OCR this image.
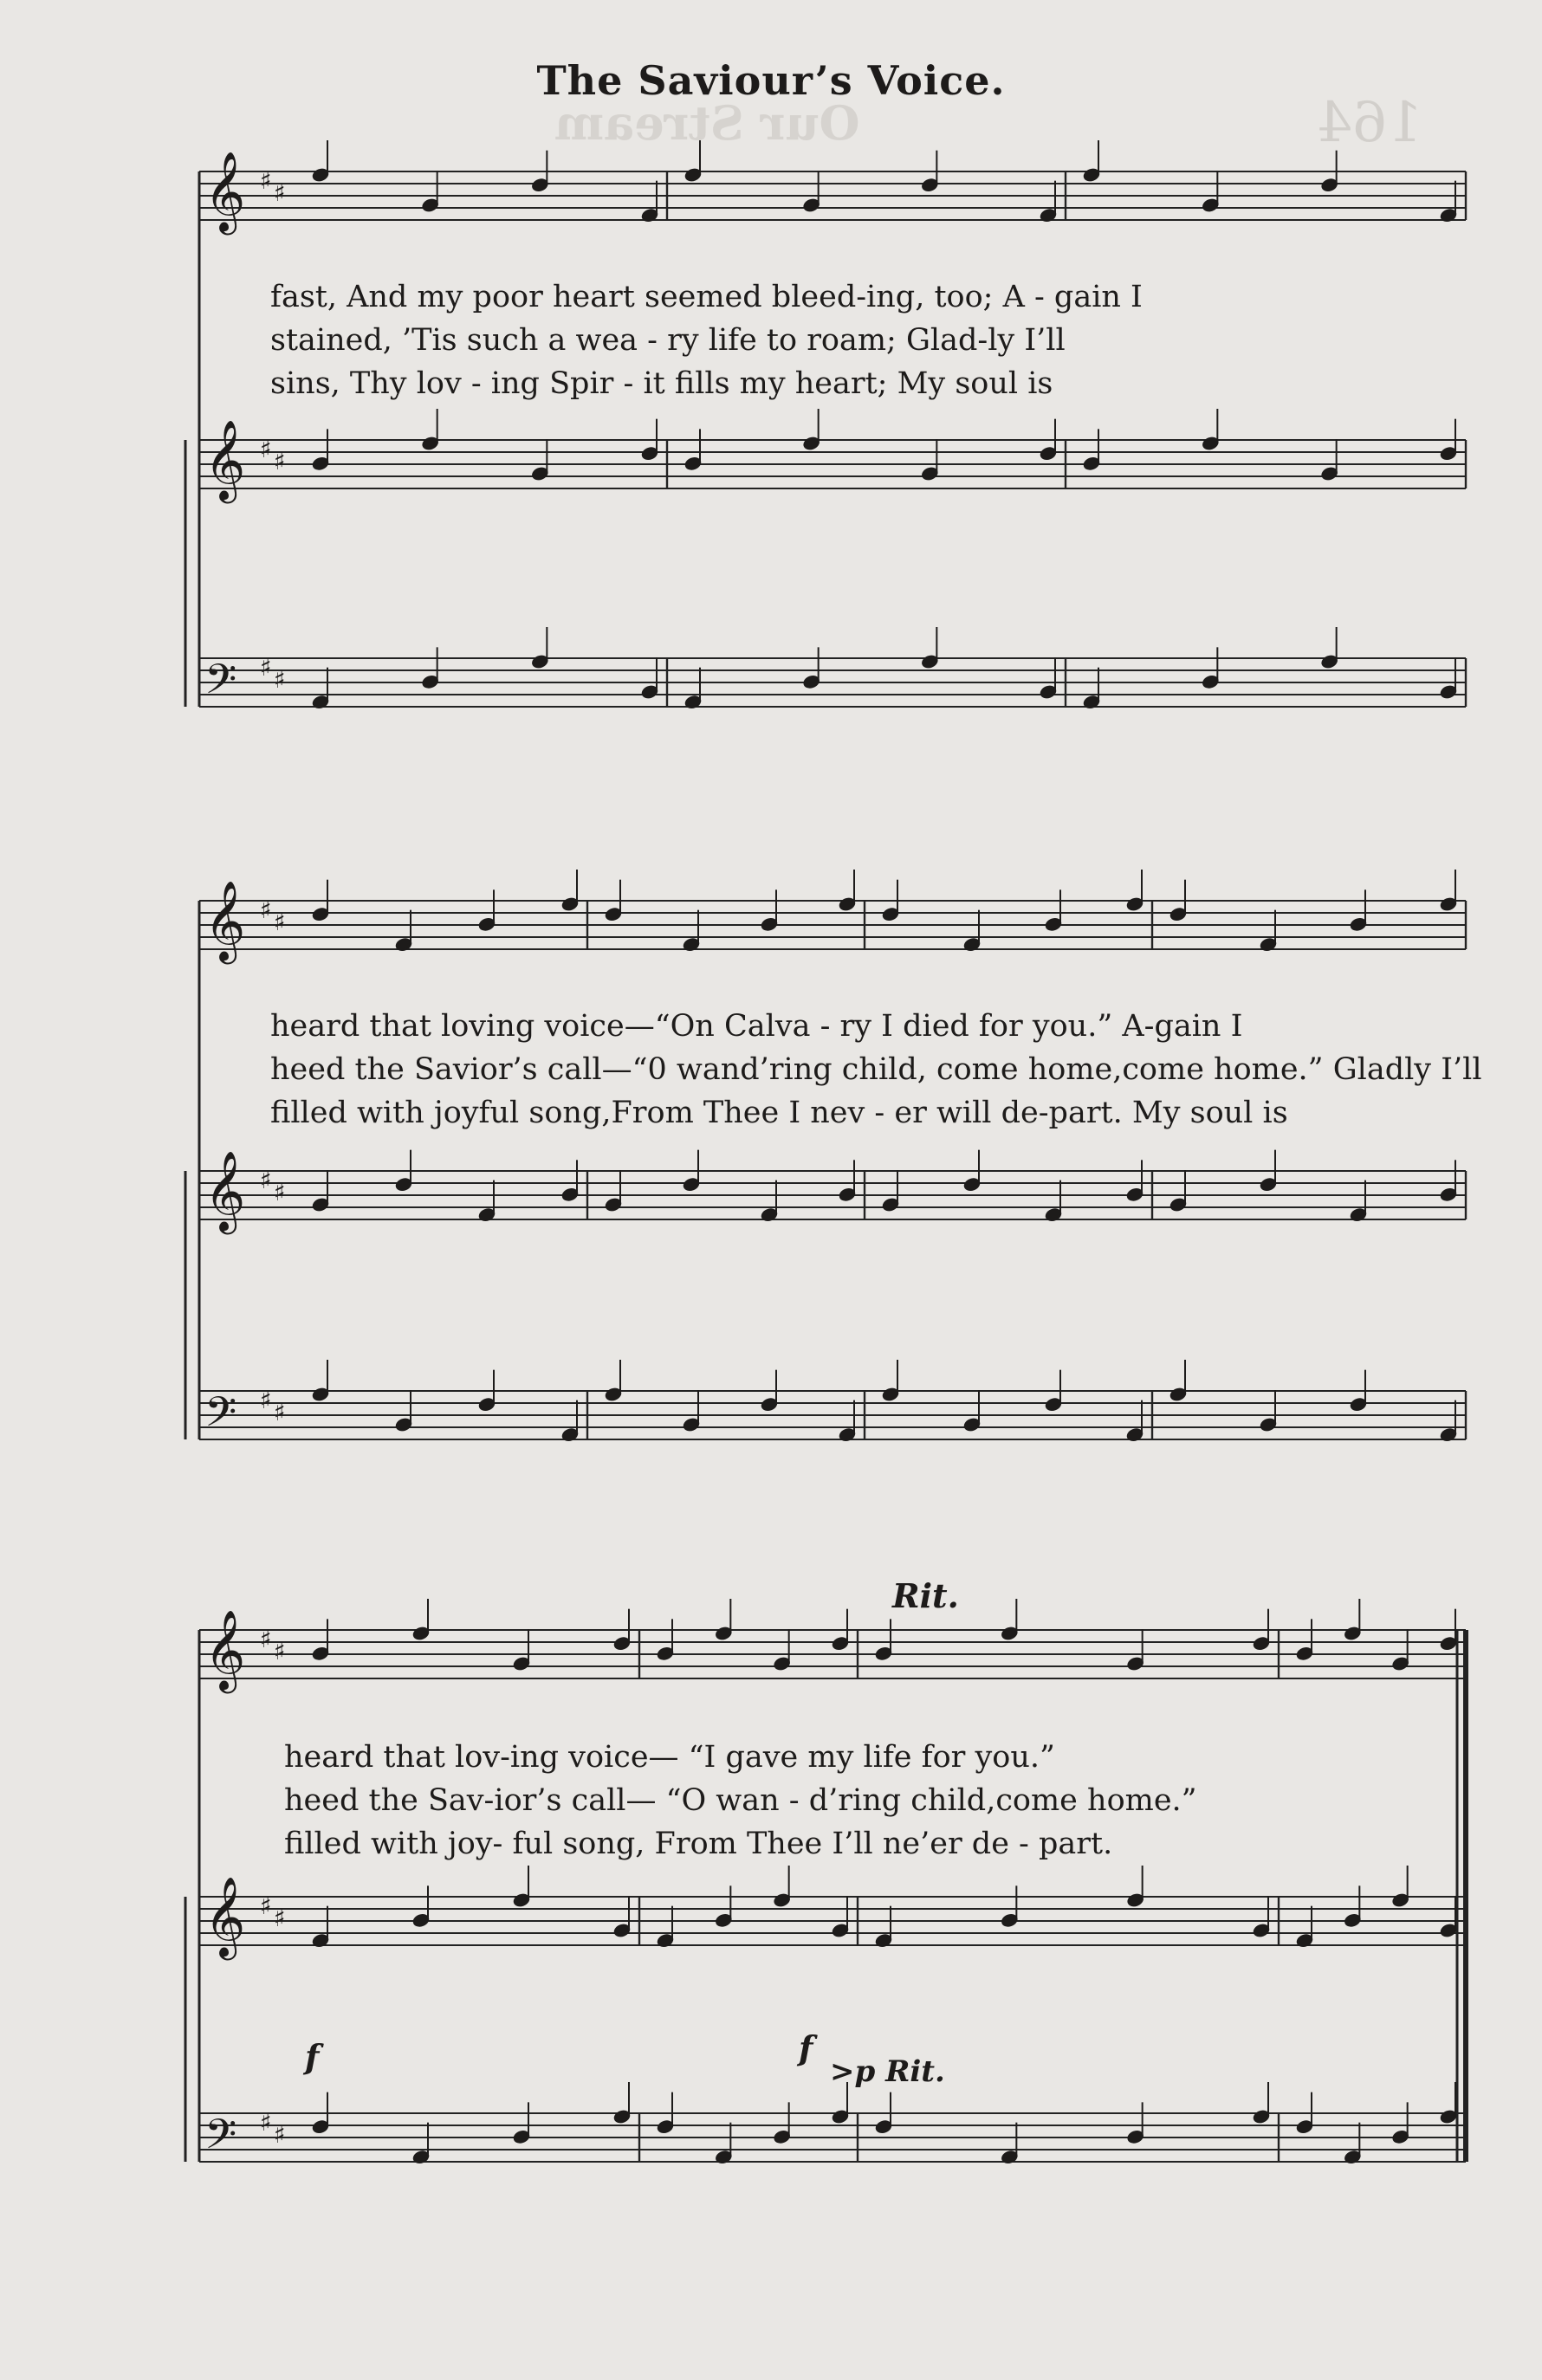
Our Stream	164
The Saviour’s Voice.
𝄞 ♯ ♯
𝄞 ♯ ♯
𝄢 ♯ ♯
𝄞 ♯ ♯
𝄞 ♯ ♯
𝄢 ♯ ♯
𝄞 ♯ ♯
𝄞 ♯ ♯
𝄢 ♯ ♯
fast, And my poor heart seemed bleed-ing, too; A - gain I
stained, ’Tis such a wea - ry life to roam; Glad-ly I’ll
sins, Thy lov - ing Spir - it fills my heart; My soul is
heard that loving voice—“On Calva - ry I died for you.” A-gain I
heed the Savior’s call—“0 wand’ring child, come home,come home.” Gladly I’ll
filled with joyful song,From Thee I nev - er will de-part. My soul is
heard that lov-ing voice— “I gave my life for you.”
heed the Sav-ior’s call— “O wan - d’ring child,come home.”
filled with joy- ful song, From Thee I’ll ne’er de - part.
Rit.
f	f
>p Rit.
